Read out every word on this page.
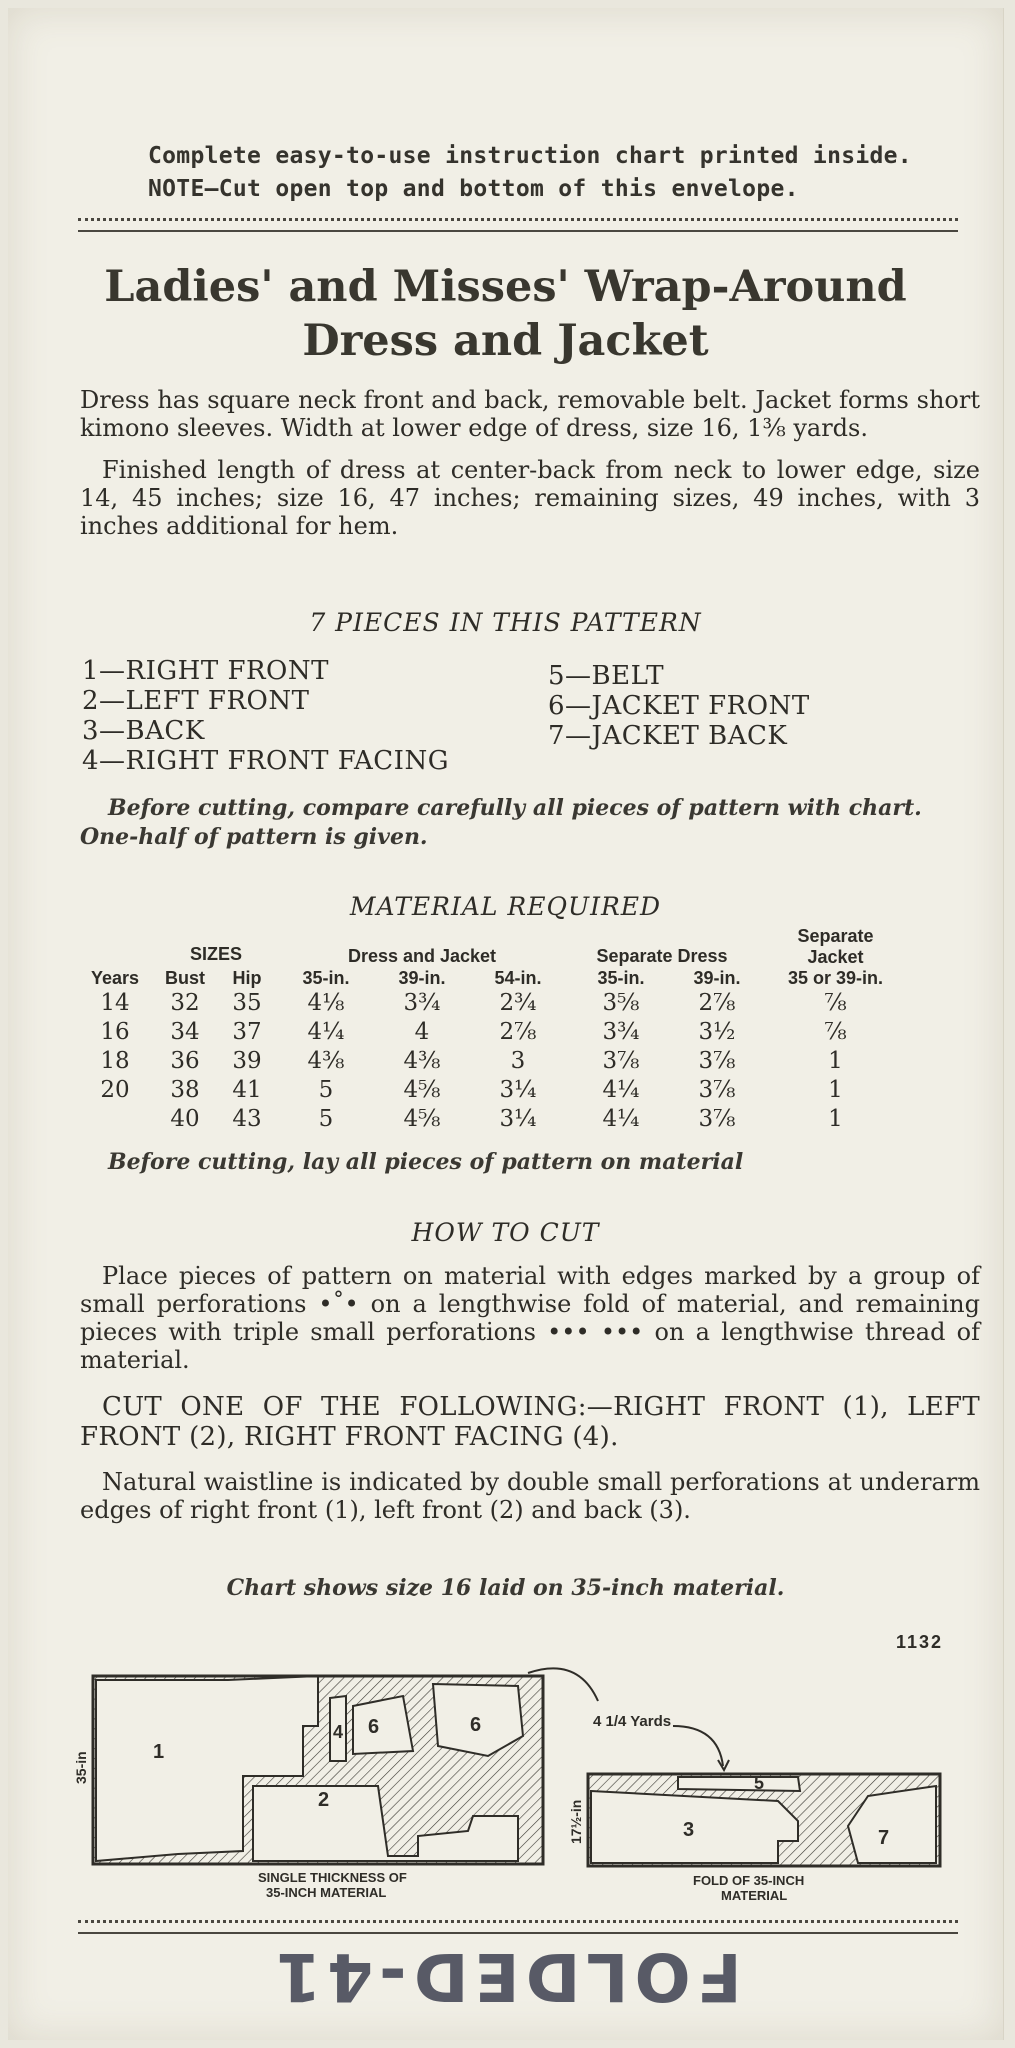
Complete easy-to-use instruction chart printed inside.
NOTE—Cut open top and bottom of this envelope.
Ladies' and Misses' Wrap-Around
Dress and Jacket

Dress has square neck front and back, removable belt. Jacket forms short kimono sleeves. Width at lower edge of dress, size 16, 1⅜ yards.

Finished length of dress at center-back from neck to lower edge, size 14, 45 inches; size 16, 47 inches; remaining sizes, 49 inches, with 3 inches additional for hem.

7 PIECES IN THIS PATTERN
1—RIGHT FRONT
2—LEFT FRONT
3—BACK
4—RIGHT FRONT FACING
5—BELT
6—JACKET FRONT
7—JACKET BACK
Before cutting, compare carefully all pieces of pattern with chart.
One-half of pattern is given.
MATERIAL REQUIRED
	SIZES		Dress and Jacket			Separate Dress		Separate
Jacket

Years	Bust	Hip	35-in.	39-in.	54-in.	35-in.	39-in.	35 or 39-in.
14	32	35	4⅛	3¾	2¾	3⅝	2⅞	⅞
16	34	37	4¼	4	2⅞	3¾	3½	⅞
18	36	39	4⅜	4⅜	3	3⅞	3⅞	1
20	38	41	5	4⅝	3¼	4¼	3⅞	1
	40	43	5	4⅝	3¼	4¼	3⅞	1
Before cutting, lay all pieces of pattern on material
HOW TO CUT

Place pieces of pattern on material with edges marked by a group of small perforations •˚• on a lengthwise fold of material, and remaining pieces with triple small perforations ••• ••• on a lengthwise thread of material.

CUT ONE OF THE FOLLOWING:—RIGHT FRONT (1), LEFT FRONT (2), RIGHT FRONT FACING (4).

Natural waistline is indicated by double small perforations at underarm edges of right front (1), left front (2) and back (3).

Chart shows size 16 laid on 35-inch material.
1132
1
2
4 6	6
35-in
SINGLE THICKNESS OF
35-INCH MATERIAL
4 1/4 Yards
3
5
7
17½-in
FOLD OF 35-INCH
MATERIAL
FOLDED-41
